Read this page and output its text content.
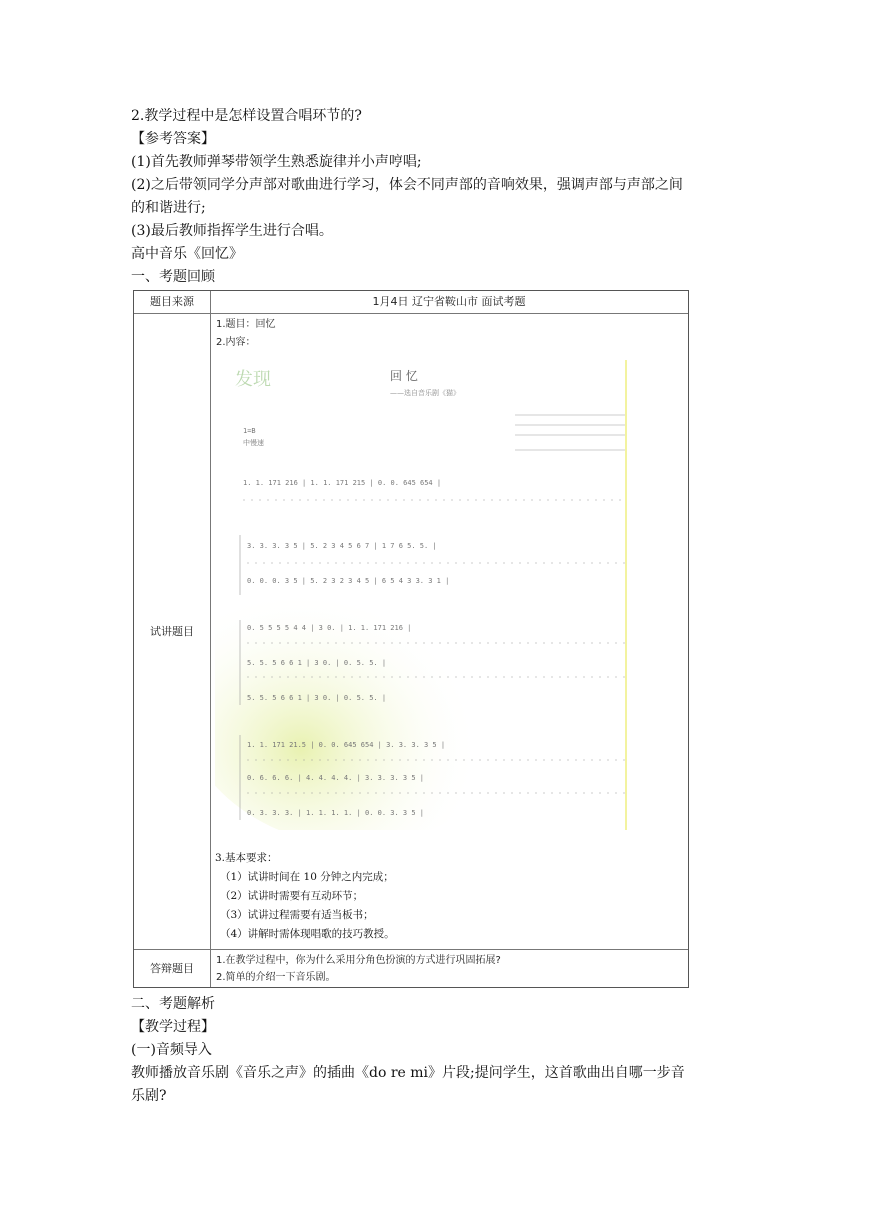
2.教学过程中是怎样设置合唱环节的?
【参考答案】
(1)首先教师弹琴带领学生熟悉旋律并小声哼唱;
(2)之后带领同学分声部对歌曲进行学习，体会不同声部的音响效果，强调声部与声部之间
的和谐进行;
(3)最后教师指挥学生进行合唱。
高中音乐《回忆》
一、考题回顾
题目来源	1月4日 辽宁省鞍山市 面试考题
试讲题目
1.题目：回忆
2.内容：
答辩题目
1.在教学过程中，你为什么采用分角色扮演的方式进行巩固拓展?
2.简单的介绍一下音乐剧。
发现	回 忆
——选自音乐剧《猫》
1=B
中慢速
1. 1. 171 216 | 1. 1. 171 215 | 0. 0. 645 654 |
3. 3. 3. 3 5 | 5. 2 3 4 5 6 7 | 1 7 6 5. 5. |
0. 0. 0. 3 5 | 5. 2 3 2 3 4 5 | 6 5 4 3 3. 3 1 |
0. 5 5 5 5 4 4 | 3 0. | 1. 1. 171 216 |
5. 5. 5 6 6 1 | 3 0. | 0. 5. 5. |
5. 5. 5 6 6 1 | 3 0. | 0. 5. 5. |
1. 1. 171 21.5 | 0. 0. 645 654 | 3. 3. 3. 3 5 |
0. 6. 6. 6. | 4. 4. 4. 4. | 3. 3. 3. 3 5 |
0. 3. 3. 3. | 1. 1. 1. 1. | 0. 0. 3. 3 5 |
3.基本要求：
（1）试讲时间在 10 分钟之内完成；
（2）试讲时需要有互动环节；
（3）试讲过程需要有适当板书；
（4）讲解时需体现唱歌的技巧教授。
二、考题解析
【教学过程】
(一)音频导入
教师播放音乐剧《音乐之声》的插曲《do re mi》片段;提问学生，这首歌曲出自哪一步音
乐剧?
